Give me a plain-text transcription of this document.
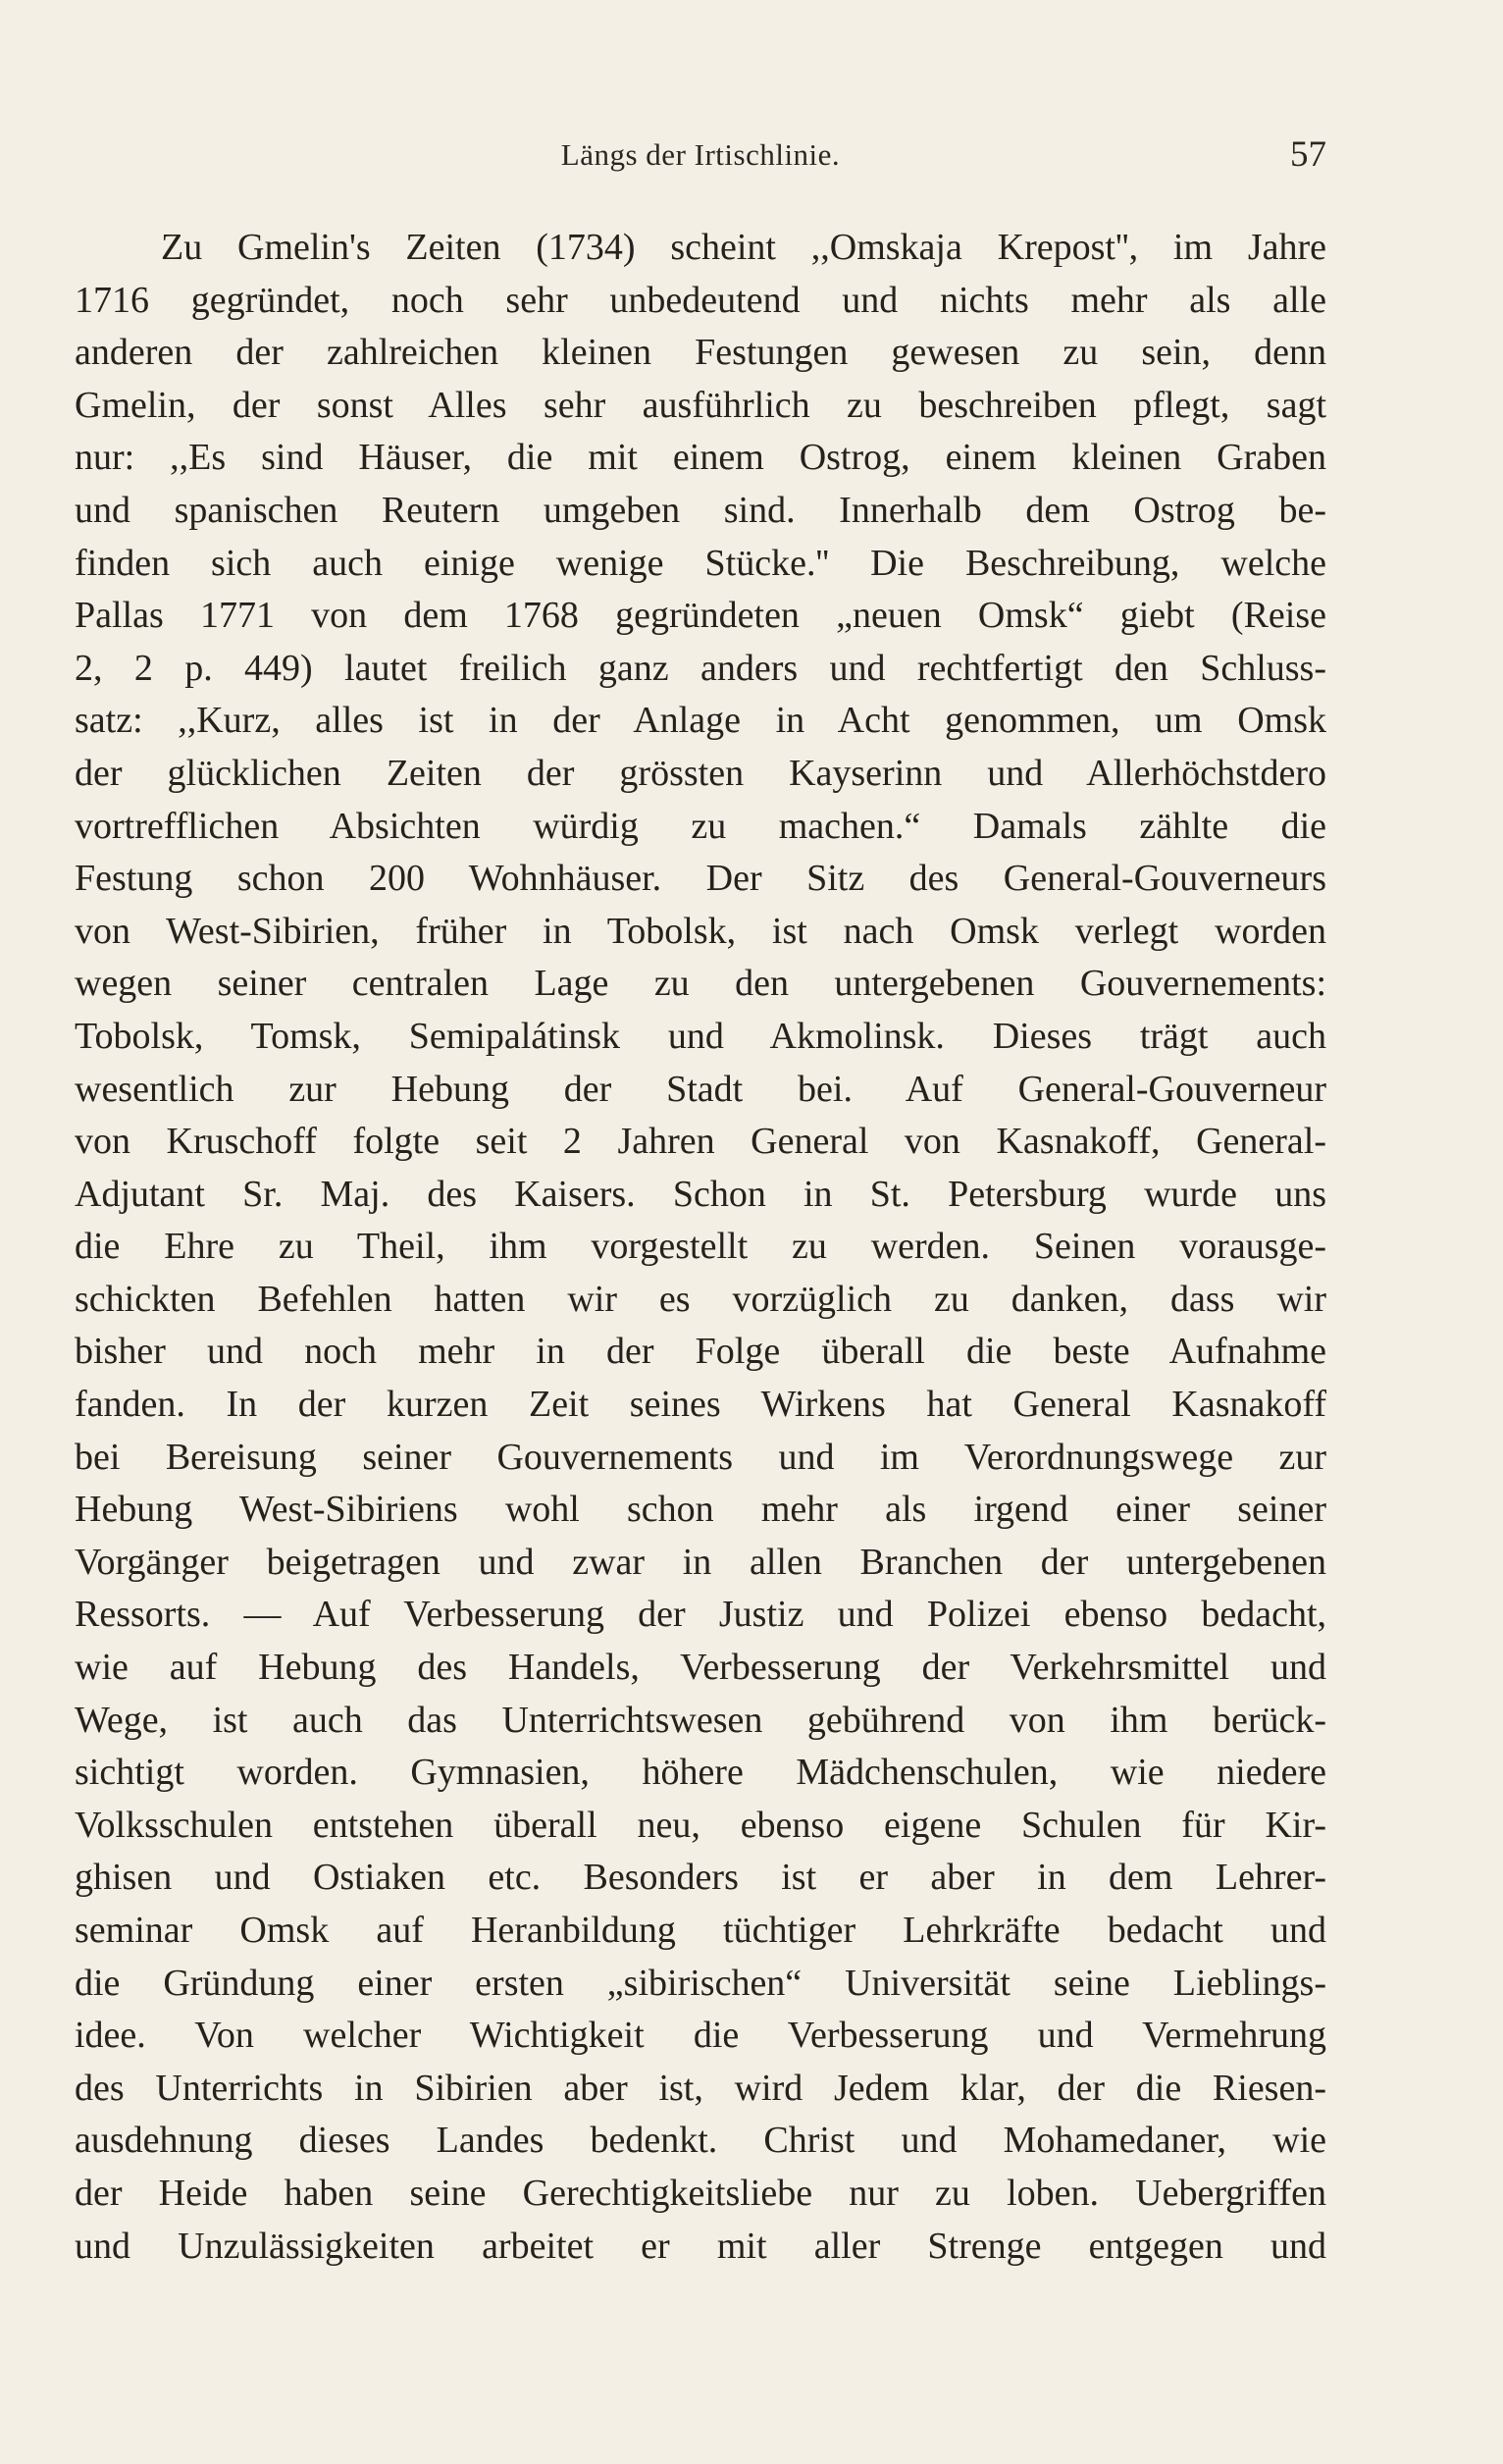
Längs der Irtischlinie.	57
Zu Gmelin's Zeiten (1734) scheint ,,Omskaja Krepost'', im Jahre
1716 gegründet, noch sehr unbedeutend und nichts mehr als alle
anderen der zahlreichen kleinen Festungen gewesen zu sein, denn
Gmelin, der sonst Alles sehr ausführlich zu beschreiben pflegt, sagt
nur: ,,Es sind Häuser, die mit einem Ostrog, einem kleinen Graben
und spanischen Reutern umgeben sind. Innerhalb dem Ostrog be-
finden sich auch einige wenige Stücke.'' Die Beschreibung, welche
Pallas 1771 von dem 1768 gegründeten „neuen Omsk“ giebt (Reise
2, 2 p. 449) lautet freilich ganz anders und rechtfertigt den Schluss-
satz: ,,Kurz, alles ist in der Anlage in Acht genommen, um Omsk
der glücklichen Zeiten der grössten Kayserinn und Allerhöchstdero
vortrefflichen Absichten würdig zu machen.“ Damals zählte die
Festung schon 200 Wohnhäuser. Der Sitz des General-Gouverneurs
von West-Sibirien, früher in Tobolsk, ist nach Omsk verlegt worden
wegen seiner centralen Lage zu den untergebenen Gouvernements:
Tobolsk, Tomsk, Semipalátinsk und Akmolinsk. Dieses trägt auch
wesentlich zur Hebung der Stadt bei. Auf General-Gouverneur
von Kruschoff folgte seit 2 Jahren General von Kasnakoff, General-
Adjutant Sr. Maj. des Kaisers. Schon in St. Petersburg wurde uns
die Ehre zu Theil, ihm vorgestellt zu werden. Seinen vorausge-
schickten Befehlen hatten wir es vorzüglich zu danken, dass wir
bisher und noch mehr in der Folge überall die beste Aufnahme
fanden. In der kurzen Zeit seines Wirkens hat General Kasnakoff
bei Bereisung seiner Gouvernements und im Verordnungswege zur
Hebung West-Sibiriens wohl schon mehr als irgend einer seiner
Vorgänger beigetragen und zwar in allen Branchen der untergebenen
Ressorts. — Auf Verbesserung der Justiz und Polizei ebenso bedacht,
wie auf Hebung des Handels, Verbesserung der Verkehrsmittel und
Wege, ist auch das Unterrichtswesen gebührend von ihm berück-
sichtigt worden. Gymnasien, höhere Mädchenschulen, wie niedere
Volksschulen entstehen überall neu, ebenso eigene Schulen für Kir-
ghisen und Ostiaken etc. Besonders ist er aber in dem Lehrer-
seminar Omsk auf Heranbildung tüchtiger Lehrkräfte bedacht und
die Gründung einer ersten „sibirischen“ Universität seine Lieblings-
idee. Von welcher Wichtigkeit die Verbesserung und Vermehrung
des Unterrichts in Sibirien aber ist, wird Jedem klar, der die Riesen-
ausdehnung dieses Landes bedenkt. Christ und Mohamedaner, wie
der Heide haben seine Gerechtigkeitsliebe nur zu loben. Uebergriffen
und Unzulässigkeiten arbeitet er mit aller Strenge entgegen und
